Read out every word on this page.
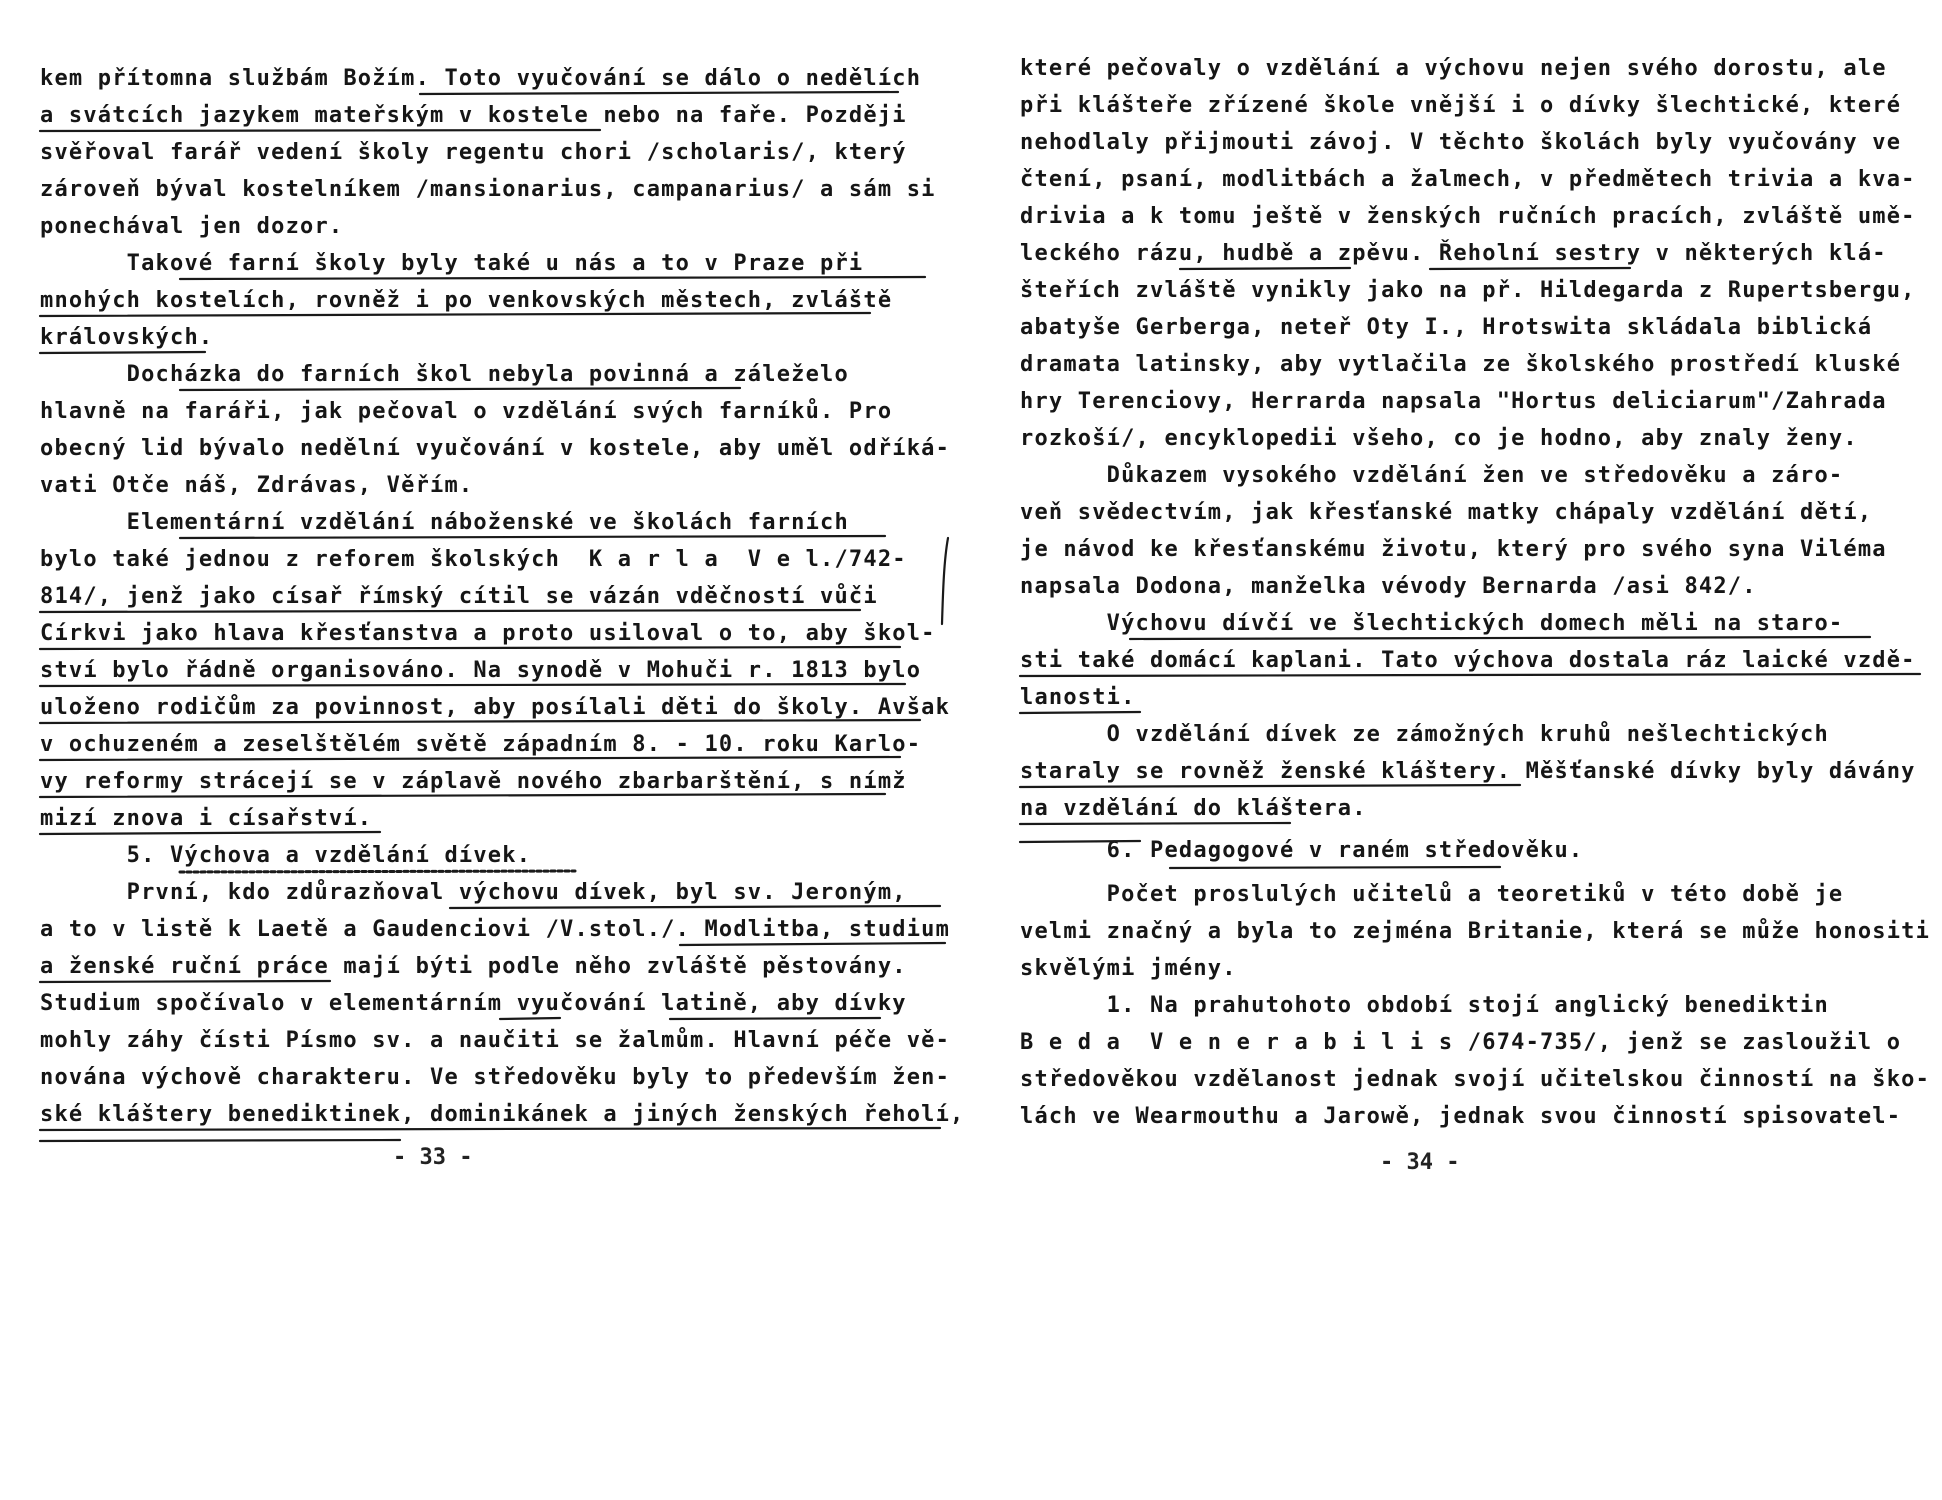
kem přítomna službám Božím. Toto vyučování se dálo o nedělích
a svátcích jazykem mateřským v kostele nebo na faře. Později
svěřoval farář vedení školy regentu chori /scholaris/, který
zároveň býval kostelníkem /mansionarius, campanarius/ a sám si
ponechával jen dozor.
Takové farní školy byly také u nás a to v Praze při
mnohých kostelích, rovněž i po venkovských městech, zvláště
královských.
Docházka do farních škol nebyla povinná a záleželo
hlavně na faráři, jak pečoval o vzdělání svých farníků. Pro
obecný lid bývalo nedělní vyučování v kostele, aby uměl odříká-
vati Otče náš, Zdrávas, Věřím.
Elementární vzdělání náboženské ve školách farních
bylo také jednou z reforem školských  K a r l a  V e l./742-
814/, jenž jako císař římský cítil se vázán vděčností vůči
Církvi jako hlava křesťanstva a proto usiloval o to, aby škol-
ství bylo řádně organisováno. Na synodě v Mohuči r. 1813 bylo
uloženo rodičům za povinnost, aby posílali děti do školy. Avšak
v ochuzeném a zeselštělém světě západním 8. - 10. roku Karlo-
vy reformy strácejí se v záplavě nového zbarbarštění, s nímž
mizí znova i císařství.
5. Výchova a vzdělání dívek.
První, kdo zdůrazňoval výchovu dívek, byl sv. Jeroným,
a to v listě k Laetě a Gaudenciovi /V.stol./. Modlitba, studium
a ženské ruční práce mají býti podle něho zvláště pěstovány.
Studium spočívalo v elementárním vyučování latině, aby dívky
mohly záhy čísti Písmo sv. a naučiti se žalmům. Hlavní péče vě-
nována výchově charakteru. Ve středověku byly to především žen-
ské kláštery benediktinek, dominikánek a jiných ženských řeholí,
- 33 -
které pečovaly o vzdělání a výchovu nejen svého dorostu, ale
při klášteře zřízené škole vnější i o dívky šlechtické, které
nehodlaly přijmouti závoj. V těchto školách byly vyučovány ve
čtení, psaní, modlitbách a žalmech, v předmětech trivia a kva-
drivia a k tomu ještě v ženských ručních pracích, zvláště umě-
leckého rázu, hudbě a zpěvu. Řeholní sestry v některých klá-
šteřích zvláště vynikly jako na př. Hildegarda z Rupertsbergu,
abatyše Gerberga, neteř Oty I., Hrotswita skládala biblická
dramata latinsky, aby vytlačila ze školského prostředí kluské
hry Terenciovy, Herrarda napsala "Hortus deliciarum"/Zahrada
rozkoší/, encyklopedii všeho, co je hodno, aby znaly ženy.
Důkazem vysokého vzdělání žen ve středověku a záro-
veň svědectvím, jak křesťanské matky chápaly vzdělání dětí,
je návod ke křesťanskému životu, který pro svého syna Viléma
napsala Dodona, manželka vévody Bernarda /asi 842/.
Výchovu dívčí ve šlechtických domech měli na staro-
sti také domácí kaplani. Tato výchova dostala ráz laické vzdě-
lanosti.
O vzdělání dívek ze zámožných kruhů nešlechtických
staraly se rovněž ženské kláštery. Měšťanské dívky byly dávány
na vzdělání do kláštera.
6. Pedagogové v raném středověku.
Počet proslulých učitelů a teoretiků v této době je
velmi značný a byla to zejména Britanie, která se může honositi
skvělými jmény.
1. Na prahutohoto období stojí anglický benediktin
B e d a  V e n e r a b i l i s /674-735/, jenž se zasloužil o
středověkou vzdělanost jednak svojí učitelskou činností na ško-
lách ve Wearmouthu a Jarowě, jednak svou činností spisovatel-
- 34 -
